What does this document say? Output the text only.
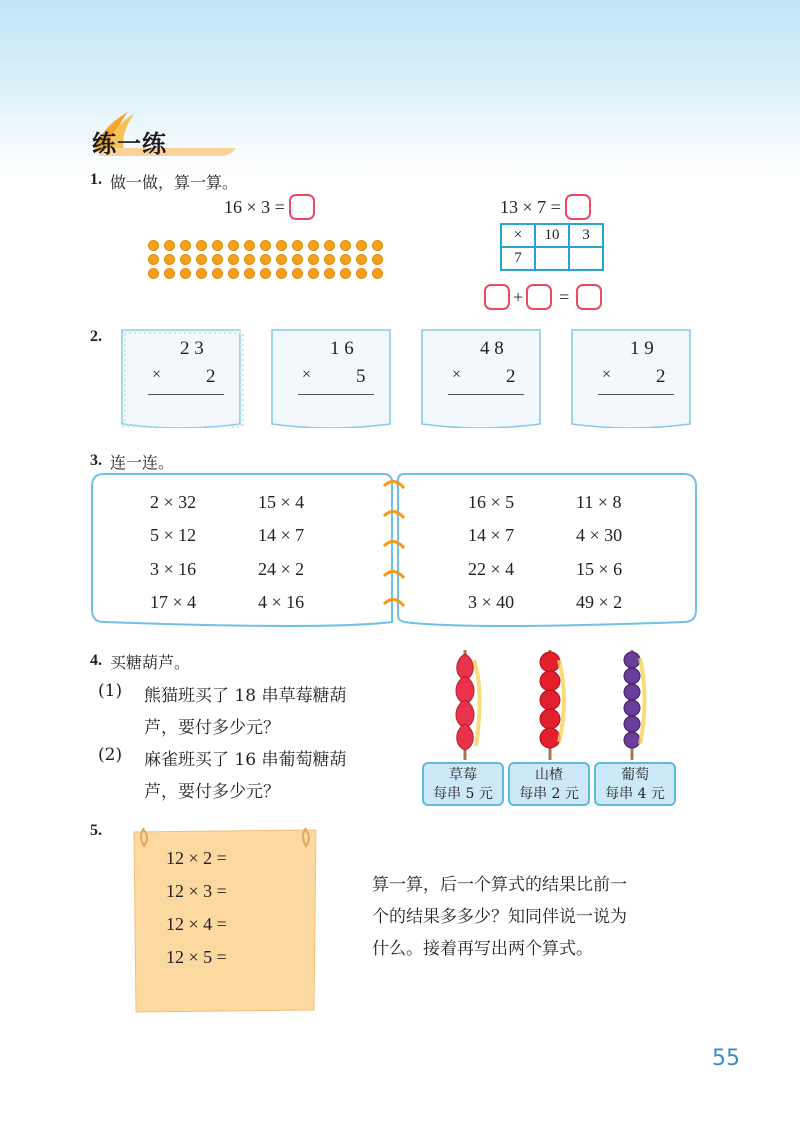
练一练
1. 做一做，算一算。
16 × 3 =	13 × 7 =
×	10	3
7		
+ =
2.
2 3
× 2
1 6
× 5
4 8
× 2
1 9
× 2
3. 连一连。
2 × 32	15 × 4
5 × 12	14 × 7
3 × 16	24 × 2
17 × 4	4 × 16
16 × 5	11 × 8
14 × 7	4 × 30
22 × 4	15 × 6
3 × 40	49 × 2
4. 买糖葫芦。
(1) 熊猫班买了 18 串草莓糖葫
芦，要付多少元？
(2) 麻雀班买了 16 串葡萄糖葫
芦，要付多少元？
草莓
每串 5 元
山楂
每串 2 元
葡萄
每串 4 元
5.
12 × 2 =
12 × 3 =
12 × 4 =
12 × 5 =
算一算，后一个算式的结果比前一
个的结果多多少？知同伴说一说为
什么。接着再写出两个算式。
55
